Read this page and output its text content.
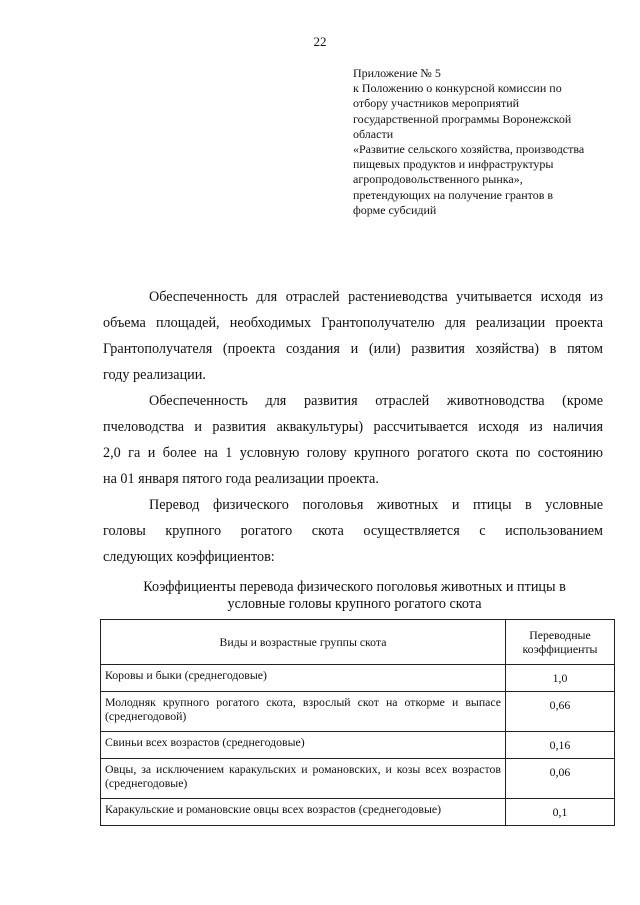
22
Приложение № 5
к Положению о конкурсной комиссии по
отбору участников мероприятий
государственной программы Воронежской
области
«Развитие сельского хозяйства, производства
пищевых продуктов и инфраструктуры
агропродовольственного рынка»,
претендующих на получение грантов в
форме субсидий
Обеспеченность для отраслей растениеводства учитывается исходя из
объема площадей, необходимых Грантополучателю для реализации проекта
Грантополучателя (проекта создания и (или) развития хозяйства) в пятом
году реализации.
Обеспеченность для развития отраслей животноводства (кроме
пчеловодства и развития аквакультуры) рассчитывается исходя из наличия
2,0 га и более на 1 условную голову крупного рогатого скота по состоянию
на 01 января пятого года реализации проекта.
Перевод физического поголовья животных и птицы в условные
головы крупного рогатого скота осуществляется с использованием
следующих коэффициентов:
Коэффициенты перевода физического поголовья животных и птицы в
условные головы крупного рогатого скота
Виды и возрастные группы скота	Переводные
коэффициенты

Коровы и быки (среднегодовые)	1,0
Молодняк крупного рогатого скота, взрослый скот на откорме и выпасе (среднегодовой)	0,66
Свиньи всех возрастов (среднегодовые)	0,16
Овцы, за исключением каракульских и романовских, и козы всех возрастов (среднегодовые)	0,06
Каракульские и романовские овцы всех возрастов (среднегодовые)	0,1
